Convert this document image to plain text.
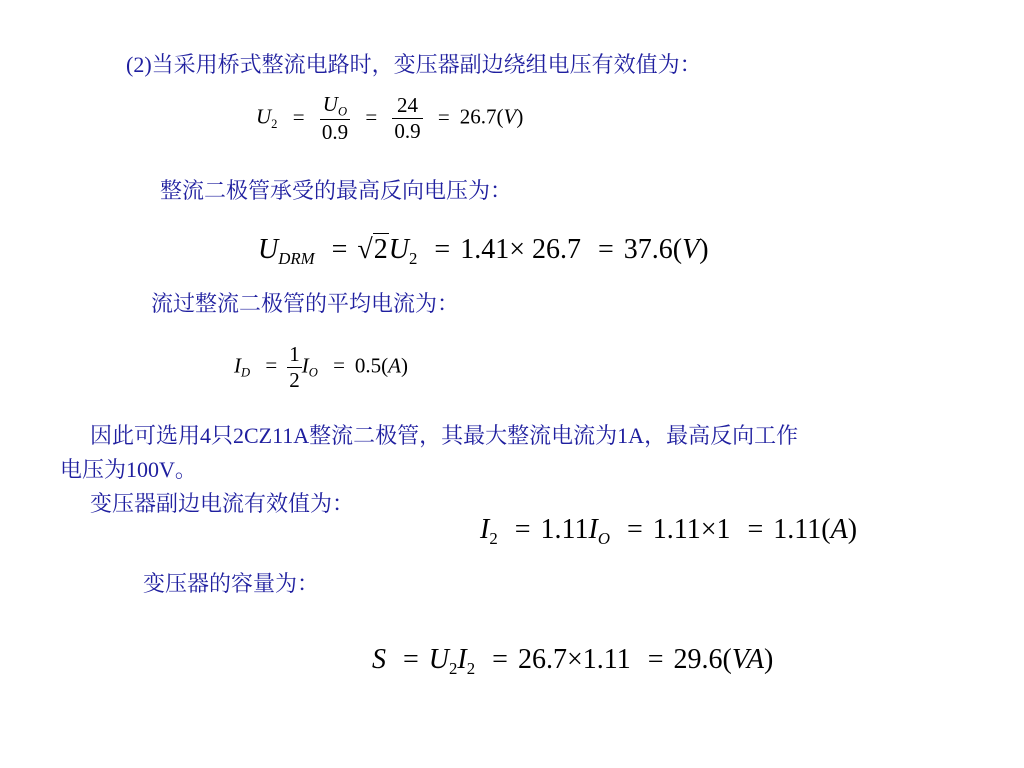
(2)当采用桥式整流电路时，变压器副边绕组电压有效值为：
$U_2 = \frac{U_O}{0.9} = \frac{24}{0.9} = 26.7(V)$
整流二极管承受的最高反向电压为：
$U_{DRM} = √2U_2 = 1.41\times 26.7 = 37.6(V)$
流过整流二极管的平均电流为：
$I_D = \frac{1}{2} I_O = 0.5(A)$
因此可选用4只2CZ11A整流二极管，其最大整流电流为1A，最高反向工作
电压为100V。
变压器副边电流有效值为：
$I_2 = 1.11I_O = 1.11\times 1 = 1.11(A)$
变压器的容量为：
$S = U_2I_2 = 26.7\times 1.11 = 29.6(VA)$
